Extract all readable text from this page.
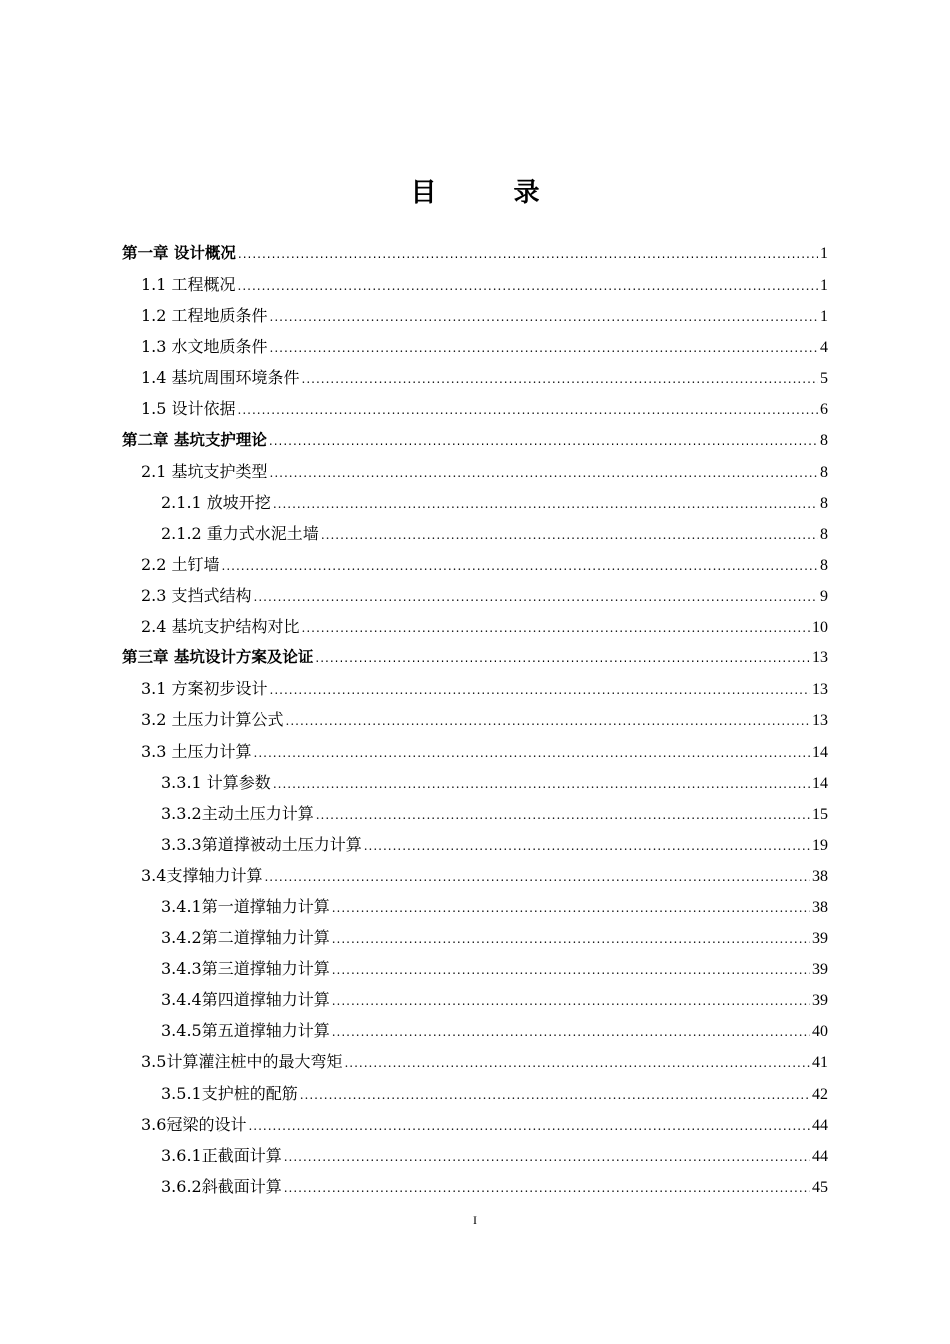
目 录
第一章 设计概况 .....	1
1.1 工程概况 .....	1
1.2 工程地质条件 .....	1
1.3 水文地质条件 .....	4
1.4 基坑周围环境条件 .....	5
1.5 设计依据 .....	6
第二章 基坑支护理论 .....	8
2.1 基坑支护类型 .....	8
2.1.1 放坡开挖 .....	8
2.1.2 重力式水泥土墙 .....	8
2.2 土钉墙 .....	8
2.3 支挡式结构 .....	9
2.4 基坑支护结构对比 .....	10
第三章 基坑设计方案及论证 .....	13
3.1 方案初步设计 .....	13
3.2 土压力计算公式 .....	13
3.3 土压力计算 .....	14
3.3.1 计算参数 .....	14
3.3.2主动土压力计算 .....	15
3.3.3第道撑被动土压力计算 .....	19
3.4支撑轴力计算 .....	38
3.4.1第一道撑轴力计算 .....	38
3.4.2第二道撑轴力计算 .....	39
3.4.3第三道撑轴力计算 .....	39
3.4.4第四道撑轴力计算 .....	39
3.4.5第五道撑轴力计算 .....	40
3.5计算灌注桩中的最大弯矩 .....	41
3.5.1支护桩的配筋 .....	42
3.6冠梁的设计 .....	44
3.6.1正截面计算 .....	44
3.6.2斜截面计算 .....	45
I
